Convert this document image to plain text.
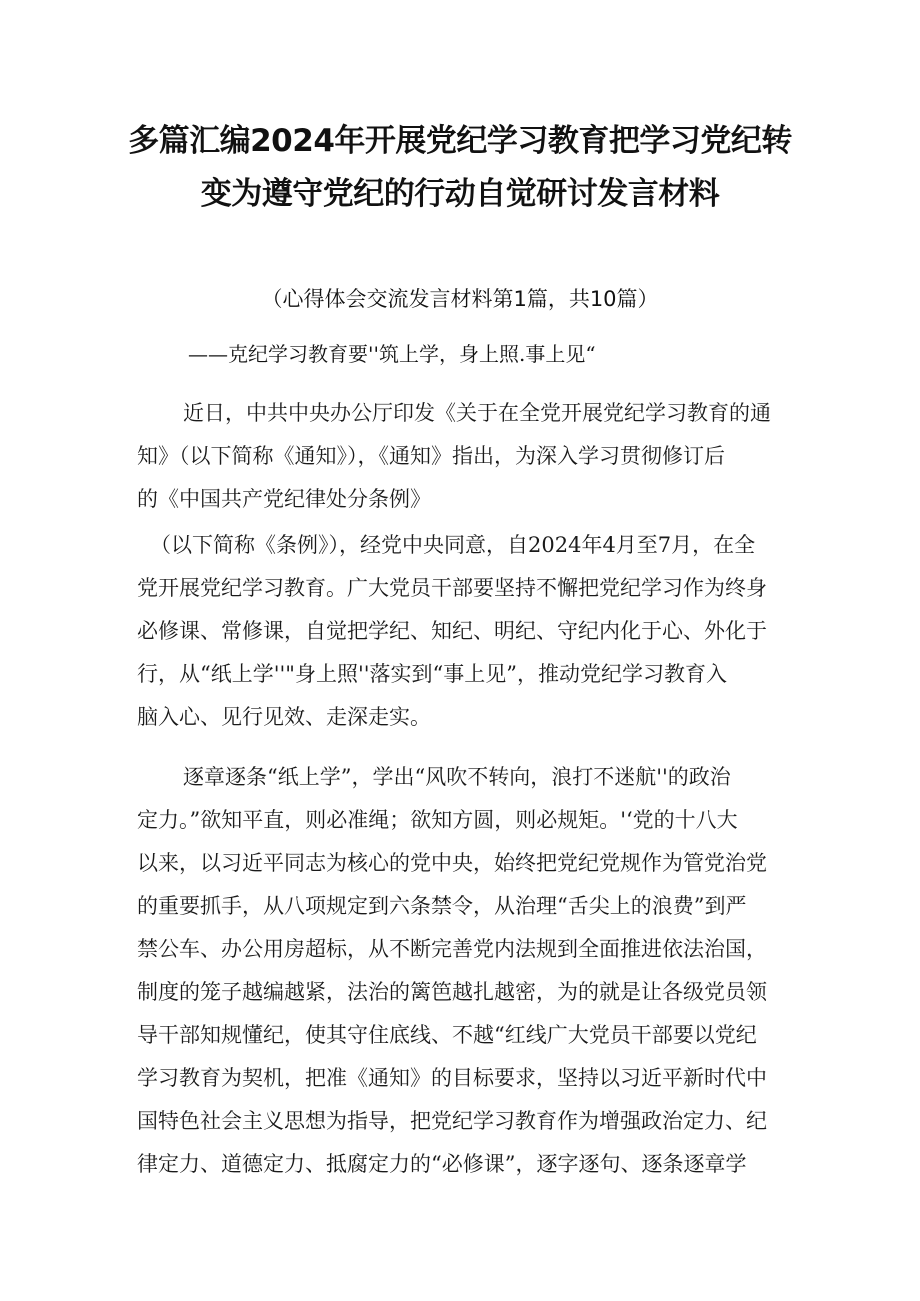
多篇汇编2024年开展党纪学习教育把学习党纪转
变为遵守党纪的行动自觉研讨发言材料
（心得体会交流发言材料第1篇，共10篇）
——克纪学习教育要''筑上学，身上照.事上见“
近日，中共中央办公厅印发《关于在全党开展党纪学习教育的通
知》（以下简称《通知》），《通知》指出，为深入学习贯彻修订后
的《中国共产党纪律处分条例》
（以下简称《条例》），经党中央同意，自2024年4月至7月，在全
党开展党纪学习教育。广大党员干部要坚持不懈把党纪学习作为终身
必修课、常修课，自觉把学纪、知纪、明纪、守纪内化于心、外化于
行，从“纸上学''"身上照''落实到“事上见”，推动党纪学习教育入
脑入心、见行见效、走深走实。
逐章逐条“纸上学”，学出“风吹不转向，浪打不迷航''的政治
定力。”欲知平直，则必准绳；欲知方圆，则必规矩。'‘党的十八大
以来，以习近平同志为核心的党中央，始终把党纪党规作为管党治党
的重要抓手，从八项规定到六条禁令，从治理“舌尖上的浪费”到严
禁公车、办公用房超标，从不断完善党内法规到全面推进依法治国，
制度的笼子越编越紧，法治的篱笆越扎越密，为的就是让各级党员领
导干部知规懂纪，使其守住底线、不越“红线广大党员干部要以党纪
学习教育为契机，把准《通知》的目标要求，坚持以习近平新时代中
国特色社会主义思想为指导，把党纪学习教育作为增强政治定力、纪
律定力、道德定力、抵腐定力的“必修课”，逐字逐句、逐条逐章学
